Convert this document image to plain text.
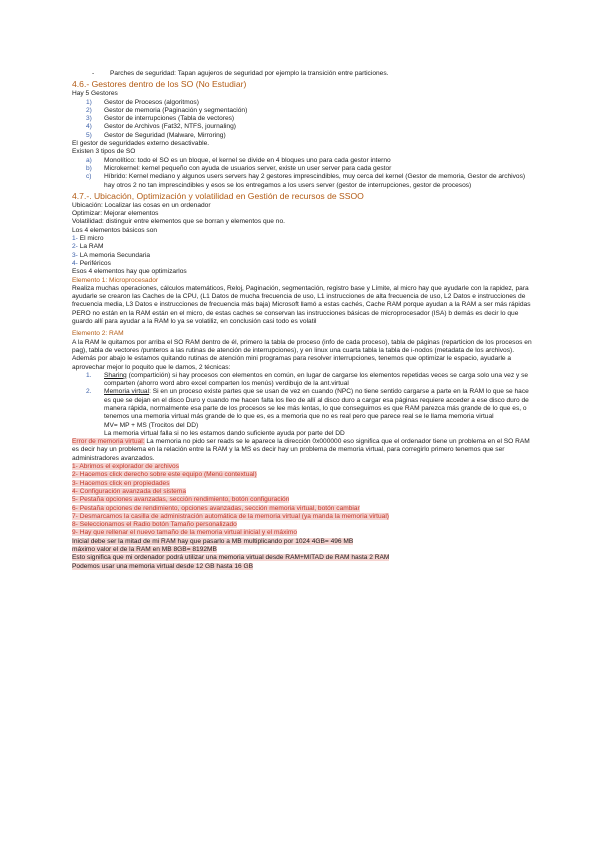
-	Parches de seguridad: Tapan agujeros de seguridad por ejemplo la transición entre particiones.
4.6.- Gestores dentro de los SO (No Estudiar)
Hay 5 Gestores
1)	Gestor de Procesos (algoritmos)
2)	Gestor de memoria (Paginación y segmentación)
3)	Gestor de interrupciones (Tabla de vectores)
4)	Gestor de Archivos (Fat32, NTFS, journaling)
5)	Gestor de Seguridad (Malware, Mirroring)
El gestor de seguridades externo desactivable.
Existen 3 tipos de SO
a)	Monolítico: todo el SO es un bloque, el kernel se divide en 4 bloques uno para cada gestor interno
b)	Microkernel: kernel pequeño con ayuda de usuarios server, existe un user server para cada gestor
c)	Híbrido: Kernel mediano y algunos users servers hay 2 gestores imprescindibles, muy cerca del kernel (Gestor de memoria, Gestor de archivos) hay otros 2 no tan imprescindibles y esos se los entregamos a los users server (gestor de interrupciones, gestor de procesos)
4.7.-. Ubicación, Optimización y volatilidad en Gestión de recursos de SSOO
Ubicación: Localizar las cosas en un ordenador
Optimizar: Mejorar elementos
Volatilidad: distinguir entre elementos que se borran y elementos que no.
Los 4 elementos básicos son
1- El micro
2- La RAM
3- LA memoria Secundaria
4- Periféricos
Esos 4 elementos hay que optimizarlos
Elemento 1: Microprocesador
Realiza muchas operaciones, cálculos matemáticos, Reloj, Paginación, segmentación, registro base y Límite, al micro hay que ayudarle con la rapidez, para ayudarle se crearon las Caches de la CPU, (L1 Datos de mucha frecuencia de uso, L1 instrucciones de alta frecuencia de uso, L2 Datos e instrucciones de frecuencia media, L3 Datos e instrucciones de frecuencia más baja) Microsoft llamó a estas cachés, Cache RAM porque ayudan a la RAM a ser más rápidas PERO no están en la RAM están en el micro, de estas caches se conservan las instrucciones básicas de microprocesador (ISA) b demás es decir lo que guardo allí para ayudar a la RAM lo ya se volatiliz, en conclusión casi todo es volatil
Elemento 2: RAM
A la RAM le quitamos por arriba el SO RAM dentro de él, primero la tabla de proceso (info de cada proceso), tabla de páginas (reparticion de los procesos en pag), tabla de vectores /punteros a las rutinas de atención de interrupciones), y en linux una cuarta tabla la tabla de i-nodos (metadata de los archivos). Además por abajo le estamos quitando rutinas de atención mini programas para resolver interrupciones, tenemos que optimizar le espacio, ayudarle a aprovechar mejor lo poquito que le damos, 2 técnicas:
1.	Sharing (compartición) si hay procesos con elementos en común, en lugar de cargarse los elementos repetidas veces se carga solo una vez y se comparten (ahorro word abro excel comparten los menús) verdibujo de la ant.virtual
2.	Memoria virtual: Si en un proceso existe partes que se usan de vez en cuando (NPC) no tiene sentido cargarse a parte en la RAM lo que se hace es que se dejan en el disco Duro y cuando me hacen falta los lleo de allí al disco duro a cargar esa páginas requiere acceder a ese disco duro de manera rápida, normalmente esa parte de los procesos se lee más lentas, lo que conseguimos es que RAM parezca más grande de lo que es, o tenemos una memoria virtual más grande de lo que es, es a memoria que no es real pero que parece real se le llama memoria virtual
MV= MP + MS (Trocitos del DD)
La memoria virtual falla si no les estamos dando suficiente ayuda por parte del DD
Error de memoria virtual: La memoria no pido ser reads se le aparece la dirección 0x000000 eso significa que el ordenador tiene un problema en el SO RAM es decir hay un problema en la relación entre la RAM y la MS es decir hay un problema de memoria virtual, para corregirlo primero tenemos que ser administradores avanzados.
1- Abrimos el explorador de archivos
2- Hacemos click derecho sobre este equipo (Menú contextual)
3- Hacemos click en propiedades
4- Configuración avanzada del sistema
5- Pestaña opciones avanzadas, sección rendimiento, botón configuración
6- Pestaña opciones de rendimiento, opciones avanzadas, sección memoria virtual, botón cambiar
7- Desmarcamos la casilla de administración automática de la memoria virtual (ya manda la memoria virtual)
8- Seleccionamos el Radio botón Tamaño personalizado
9- Hay que rellenar el nuevo tamaño de la memoria virtual inicial y el máximo
Inicial debe ser la mitad de mi RAM hay que pasarlo a MB multiplicando por 1024 4GB= 496 MB
máximo valor el de la RAM en MB 8GB= 8192MB
Esto significa que mi ordenador podrá utilizar una memoria virtual desde RAM+MITAD de RAM hasta 2 RAM
Podemos usar una memoria virtual desde 12 GB hasta 16 GB
